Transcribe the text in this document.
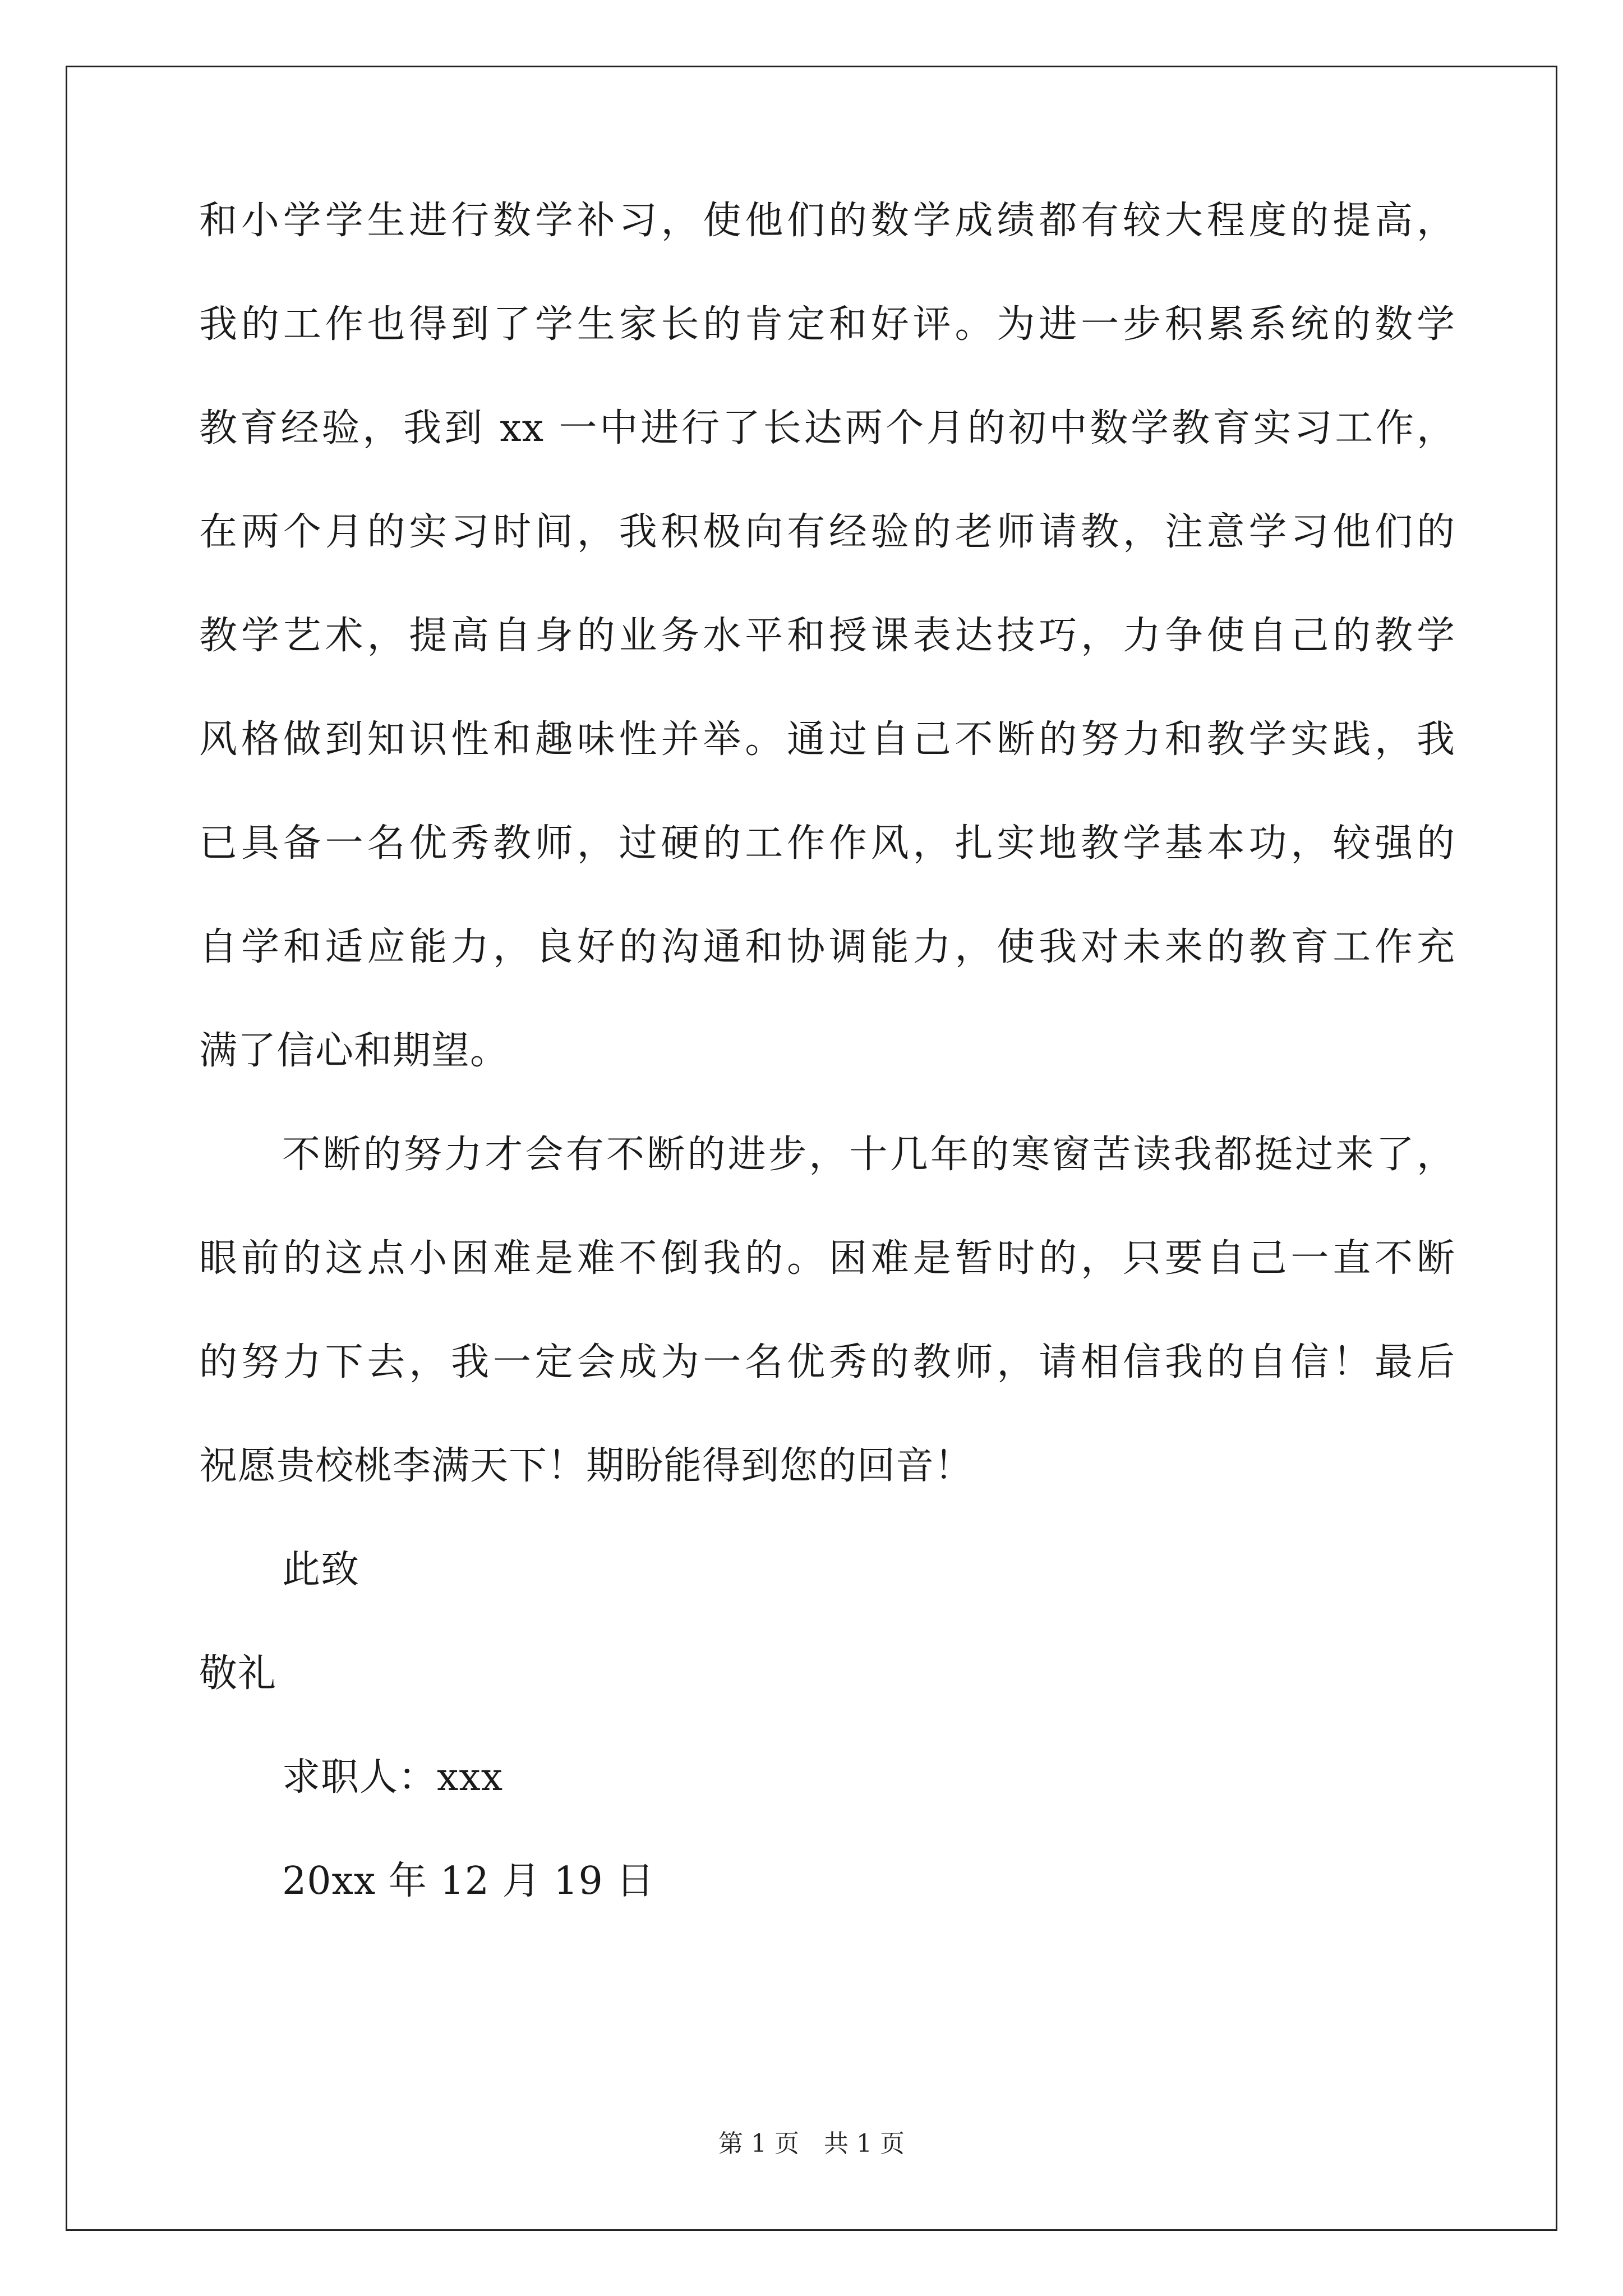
和小学学生进行数学补习，使他们的数学成绩都有较大程度的提高，
我的工作也得到了学生家长的肯定和好评。为进一步积累系统的数学
教育经验，我到 xx 一中进行了长达两个月的初中数学教育实习工作，
在两个月的实习时间，我积极向有经验的老师请教，注意学习他们的
教学艺术，提高自身的业务水平和授课表达技巧，力争使自己的教学
风格做到知识性和趣味性并举。通过自己不断的努力和教学实践，我
已具备一名优秀教师，过硬的工作作风，扎实地教学基本功，较强的
自学和适应能力，良好的沟通和协调能力，使我对未来的教育工作充
满了信心和期望。
不断的努力才会有不断的进步，十几年的寒窗苦读我都挺过来了，
眼前的这点小困难是难不倒我的。困难是暂时的，只要自己一直不断
的努力下去，我一定会成为一名优秀的教师，请相信我的自信！最后
祝愿贵校桃李满天下！期盼能得到您的回音！
此致
敬礼
求职人：xxx
20xx 年 12 月 19 日
第 1 页　共 1 页
